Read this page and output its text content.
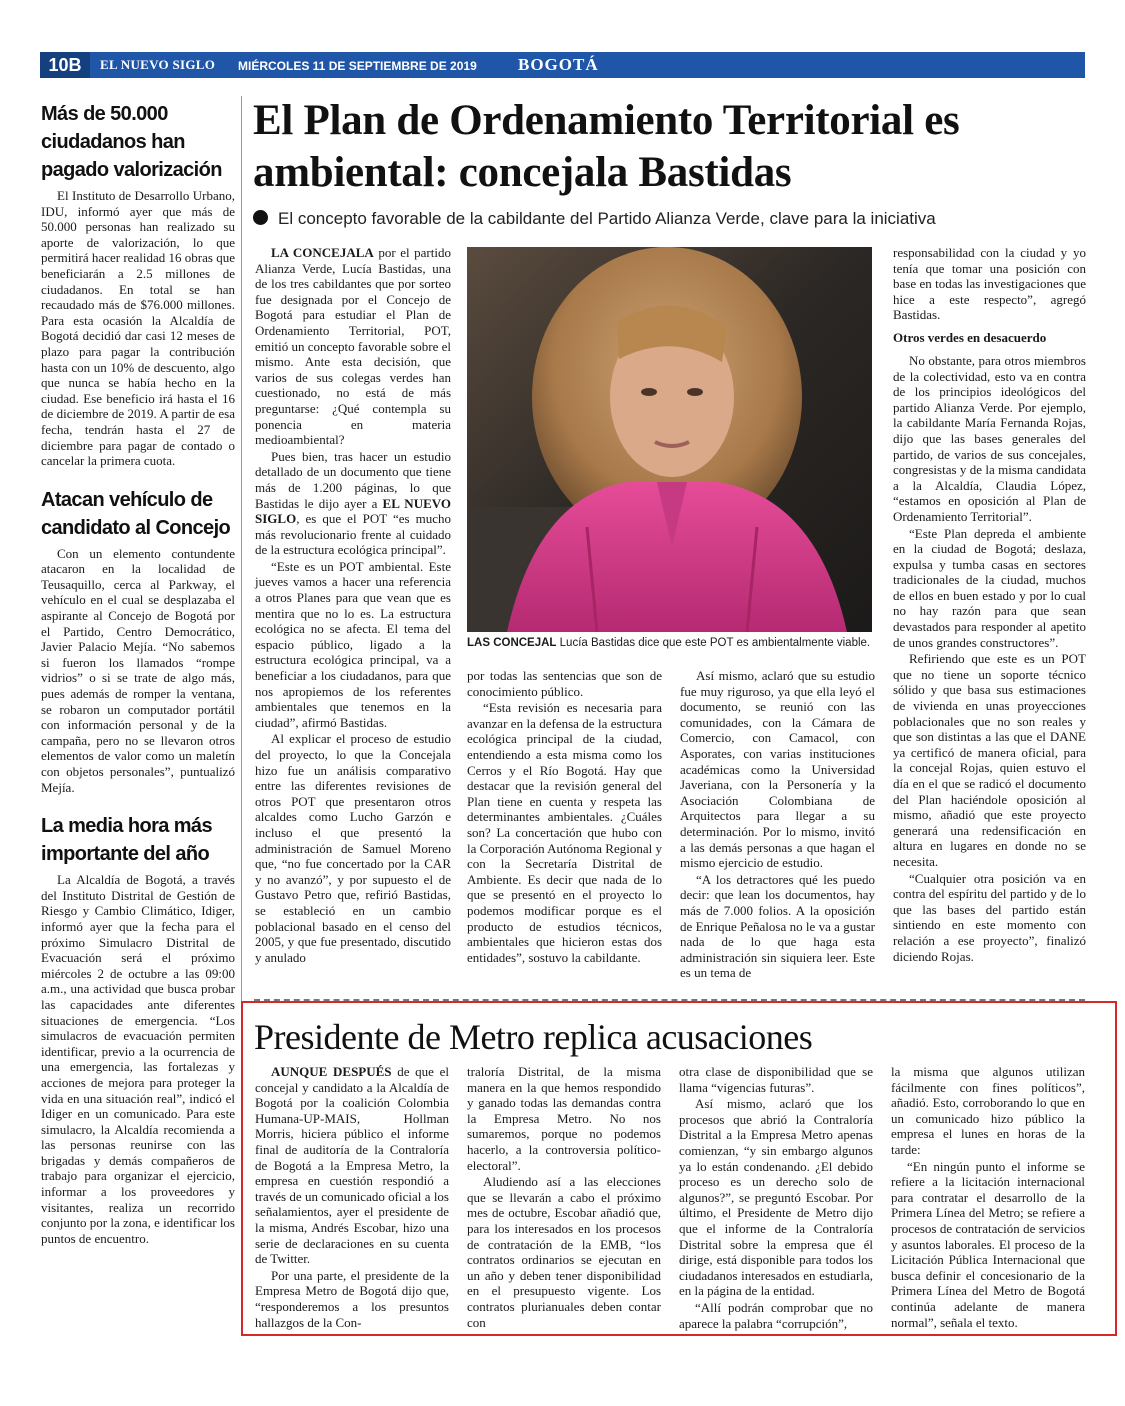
10B	EL NUEVO SIGLO MIÉRCOLES 11 DE SEPTIEMBRE DE 2019 BOGOTÁ
Más de 50.000 ciudadanos han pagado valorización

El Instituto de Desarrollo Urbano, IDU, informó ayer que más de 50.000 personas han realizado su aporte de valorización, lo que permitirá hacer realidad 16 obras que beneficiarán a 2.5 millones de ciudadanos. En total se han recaudado más de $76.000 millones. Para esta ocasión la Alcaldía de Bogotá decidió dar casi 12 meses de plazo para pagar la contribución hasta con un 10% de descuento, algo que nunca se había hecho en la ciudad. Ese beneficio irá hasta el 16 de diciembre de 2019. A partir de esa fecha, tendrán hasta el 27 de diciembre para pagar de contado o cancelar la primera cuota.

Atacan vehículo de candidato al Concejo

Con un elemento contundente atacaron en la localidad de Teusaquillo, cerca al Parkway, el vehículo en el cual se desplazaba el aspirante al Concejo de Bogotá por el Partido, Centro Democrático, Javier Palacio Mejía. “No sabemos si fueron los llamados “rompe vidrios” o si se trate de algo más, pues además de romper la ventana, se robaron un computador portátil con información personal y de la campaña, pero no se llevaron otros elementos de valor como un maletín con objetos personales”, puntualizó Mejía.

La media hora más importante del año

La Alcaldía de Bogotá, a través del Instituto Distrital de Gestión de Riesgo y Cambio Climático, Idiger, informó ayer que la fecha para el próximo Simulacro Distrital de Evacuación será el próximo miércoles 2 de octubre a las 09:00 a.m., una actividad que busca probar las capacidades ante diferentes situaciones de emergencia. “Los simulacros de evacuación permiten identificar, previo a la ocurrencia de una emergencia, las fortalezas y acciones de mejora para proteger la vida en una situación real”, indicó el Idiger en un comunicado. Para este simulacro, la Alcaldía recomienda a las personas reunirse con las brigadas y demás compañeros de trabajo para organizar el ejercicio, informar a los proveedores y visitantes, realiza un recorrido conjunto por la zona, e identificar los puntos de encuentro.

El Plan de Ordenamiento Territorial es ambiental: concejala Bastidas
El concepto favorable de la cabildante del Partido Alianza Verde, clave para la iniciativa

LA CONCEJALA por el partido Alianza Verde, Lucía Bastidas, una de los tres cabildantes que por sorteo fue designada por el Concejo de Bogotá para estudiar el Plan de Ordenamiento Territorial, POT, emitió un concepto favorable sobre el mismo. Ante esta decisión, que varios de sus colegas verdes han cuestionado, no está de más preguntarse: ¿Qué contempla su ponencia en materia medioambiental?

Pues bien, tras hacer un estudio detallado de un documento que tiene más de 1.200 páginas, lo que Bastidas le dijo ayer a EL NUEVO SIGLO, es que el POT “es mucho más revolucionario frente al cuidado de la estructura ecológica principal”.

“Este es un POT ambiental. Este jueves vamos a hacer una referencia a otros Planes para que vean que es mentira que no lo es. La estructura ecológica no se afecta. El tema del espacio público, ligado a la estructura ecológica principal, va a beneficiar a los ciudadanos, para que nos apropiemos de los referentes ambientales que tenemos en la ciudad”, afirmó Bastidas.

Al explicar el proceso de estudio del proyecto, lo que la Concejala hizo fue un análisis comparativo entre las diferentes revisiones de otros POT que presentaron otros alcaldes como Lucho Garzón e incluso el que presentó la administración de Samuel Moreno que, “no fue concertado por la CAR y no avanzó”, y por supuesto el de Gustavo Petro que, refirió Bastidas, se estableció en un cambio poblacional basado en el censo del 2005, y que fue presentado, discutido y anulado

LAS CONCEJAL Lucía Bastidas dice que este POT es ambientalmente viable.

por todas las sentencias que son de conocimiento público.

“Esta revisión es necesaria para avanzar en la defensa de la estructura ecológica principal de la ciudad, entendiendo a esta misma como los Cerros y el Río Bogotá. Hay que destacar que la revisión general del Plan tiene en cuenta y respeta las determinantes ambientales. ¿Cuáles son? La concertación que hubo con la Corporación Autónoma Regional y con la Secretaría Distrital de Ambiente. Es decir que nada de lo que se presentó en el proyecto lo podemos modificar porque es el producto de estudios técnicos, ambientales que hicieron estas dos entidades”, sostuvo la cabildante.

Así mismo, aclaró que su estudio fue muy riguroso, ya que ella leyó el documento, se reunió con las comunidades, con la Cámara de Comercio, con Camacol, con Asporates, con varias instituciones académicas como la Universidad Javeriana, con la Personería y la Asociación Colombiana de Arquitectos para llegar a su determinación. Por lo mismo, invitó a las demás personas a que hagan el mismo ejercicio de estudio.

“A los detractores qué les puedo decir: que lean los documentos, hay más de 7.000 folios. A la oposición de Enrique Peñalosa no le va a gustar nada de lo que haga esta administración sin siquiera leer. Este es un tema de

responsabilidad con la ciudad y yo tenía que tomar una posición con base en todas las investigaciones que hice a este respecto”, agregó Bastidas.

Otros verdes en desacuerdo

No obstante, para otros miembros de la colectividad, esto va en contra de los principios ideológicos del partido Alianza Verde. Por ejemplo, la cabildante María Fernanda Rojas, dijo que las bases generales del partido, de varios de sus concejales, congresistas y de la misma candidata a la Alcaldía, Claudia López, “estamos en oposición al Plan de Ordenamiento Territorial”.

“Este Plan depreda el ambiente en la ciudad de Bogotá; deslaza, expulsa y tumba casas en sectores tradicionales de la ciudad, muchos de ellos en buen estado y por lo cual no hay razón para que sean devastados para responder al apetito de unos grandes constructores”.

Refiriendo que este es un POT que no tiene un soporte técnico sólido y que basa sus estimaciones de vivienda en unas proyecciones poblacionales que no son reales y que son distintas a las que el DANE ya certificó de manera oficial, para la concejal Rojas, quien estuvo el día en el que se radicó el documento del Plan haciéndole oposición al mismo, añadió que este proyecto generará una redensificación en altura en lugares en donde no se necesita.

“Cualquier otra posición va en contra del espíritu del partido y de lo que las bases del partido están sintiendo en este momento con relación a ese proyecto”, finalizó diciendo Rojas.

Presidente de Metro replica acusaciones

AUNQUE DESPUÉS de que el concejal y candidato a la Alcaldía de Bogotá por la coalición Colombia Humana-UP-MAIS, Hollman Morris, hiciera público el informe final de auditoría de la Contraloría de Bogotá a la Empresa Metro, la empresa en cuestión respondió a través de un comunicado oficial a los señalamientos, ayer el presidente de la misma, Andrés Escobar, hizo una serie de declaraciones en su cuenta de Twitter.

Por una parte, el presidente de la Empresa Metro de Bogotá dijo que, “responderemos a los presuntos hallazgos de la Con-

traloría Distrital, de la misma manera en la que hemos respondido y ganado todas las demandas contra la Empresa Metro. No nos sumaremos, porque no podemos hacerlo, a la controversia político-electoral”.

Aludiendo así a las elecciones que se llevarán a cabo el próximo mes de octubre, Escobar añadió que, para los interesados en los procesos de contratación de la EMB, “los contratos ordinarios se ejecutan en un año y deben tener disponibilidad en el presupuesto vigente. Los contratos plurianuales deben contar con

otra clase de disponibilidad que se llama “vigencias futuras”.

Así mismo, aclaró que los procesos que abrió la Contraloría Distrital a la Empresa Metro apenas comienzan, “y sin embargo algunos ya lo están condenando. ¿El debido proceso es un derecho solo de algunos?”, se preguntó Escobar. Por último, el Presidente de Metro dijo que el informe de la Contraloría Distrital sobre la empresa que él dirige, está disponible para todos los ciudadanos interesados en estudiarla, en la página de la entidad.

“Allí podrán comprobar que no aparece la palabra “corrupción”,

la misma que algunos utilizan fácilmente con fines políticos”, añadió. Esto, corroborando lo que en un comunicado hizo público la empresa el lunes en horas de la tarde:

“En ningún punto el informe se refiere a la licitación internacional para contratar el desarrollo de la Primera Línea del Metro; se refiere a procesos de contratación de servicios y asuntos laborales. El proceso de la Licitación Pública Internacional que busca definir el concesionario de la Primera Línea del Metro de Bogotá continúa adelante de manera normal”, señala el texto.
